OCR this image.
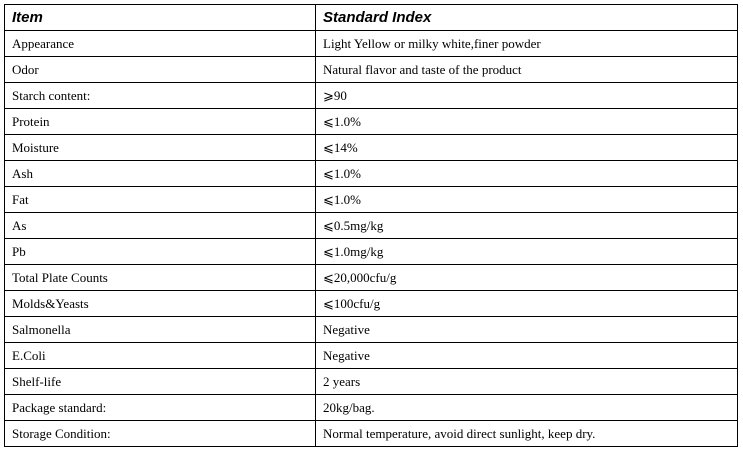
Item	Standard Index
Appearance	Light Yellow or milky white,finer powder
Odor	Natural flavor and taste of the product
Starch content:	⩾90
Protein	⩽1.0%
Moisture	⩽14%
Ash	⩽1.0%
Fat	⩽1.0%
As	⩽0.5mg/kg
Pb	⩽1.0mg/kg
Total Plate Counts	⩽20,000cfu/g
Molds&Yeasts	⩽100cfu/g
Salmonella	Negative
E.Coli	Negative
Shelf-life	2 years
Package standard:	20kg/bag.
Storage Condition:	Normal temperature, avoid direct sunlight, keep dry.
